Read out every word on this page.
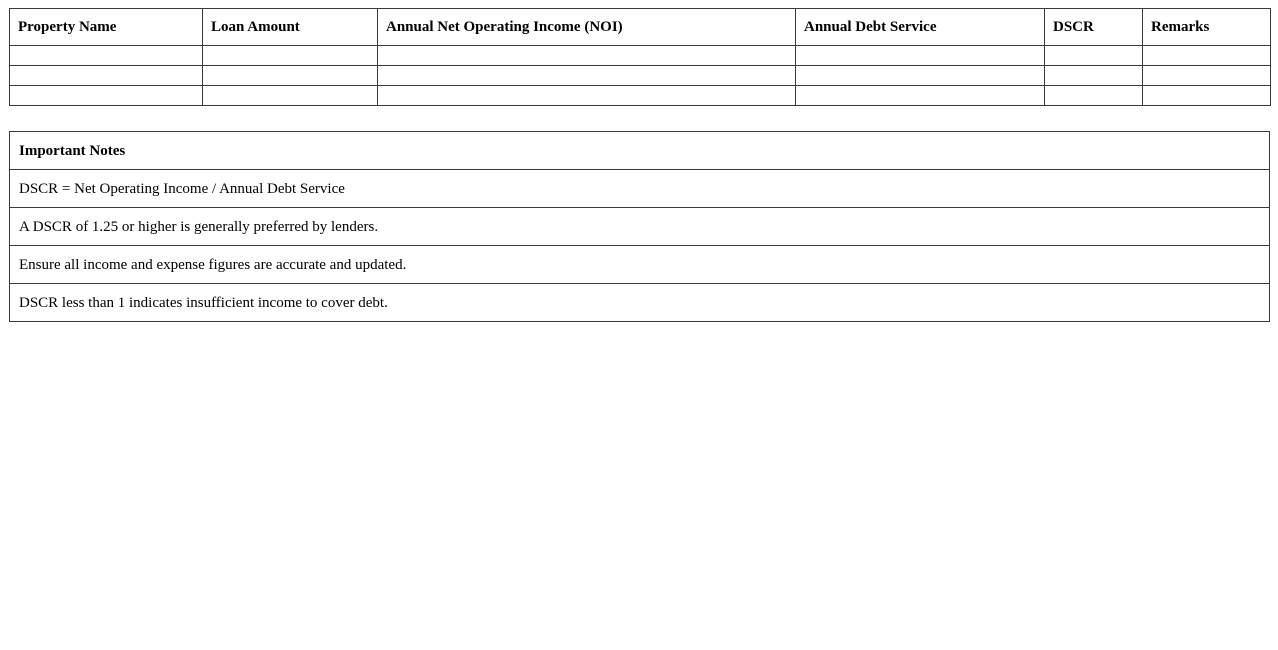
Property Name	Loan Amount	Annual Net Operating Income (NOI)	Annual Debt Service	DSCR	Remarks

Important Notes
DSCR = Net Operating Income / Annual Debt Service
A DSCR of 1.25 or higher is generally preferred by lenders.
Ensure all income and expense figures are accurate and updated.
DSCR less than 1 indicates insufficient income to cover debt.
